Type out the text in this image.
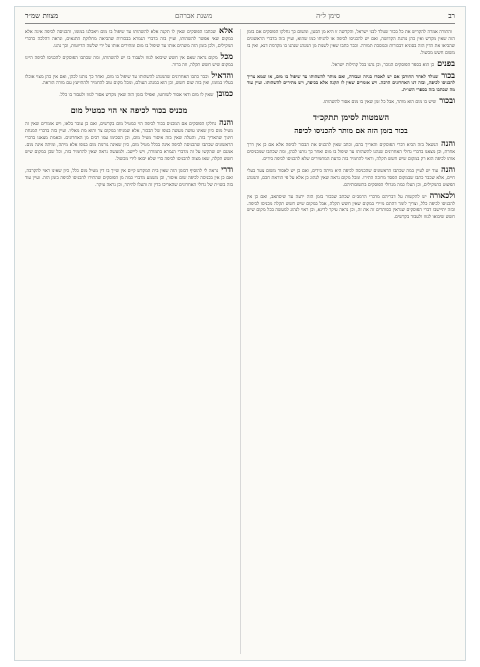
רב
סימן ל״ה
משנת אברהם
מצוות שמ״ד

והתורה אמרה להקדיש את כל בכור שנולד לבני ישראל, והקדשה זו היא מן הבטן, ומשום כך נחלקו הפוסקים אם בזמן הזה שאין מקדש ואין כהן נוהגת הקדושה, ואם יש להכניסו לכיפה או להניחו כמו שהוא, ועיין בזה בדברי הראשונים שהביאו את הדין הזה בסוגיא דבכורות ובמסכת תמורה. וכבר כתבו שאין לשנות מן המנהג שנהגו בו מקדמת דנא, ואין בו משום חשש מכשול.

בפניםכן הוא בספר הפוסקים הנזכר, וכן נהגו בכל קהילות ישראל.

בכורשנולד לאחר החורבן אם יש לאסרו בגיזה ועבודה, ואם מותר להשהותו עד שיפול בו מום, או שמא צריך להכניסו לכיפה, ובזה דנו האחרונים הרבה. ויש אומרים שאין לו תקנה אלא בכיפה, ויש מתירים להשהותו. ועיין עוד מה שכתבו בזה בספרי השו״ת.

ובכורשיש בו מום הוא מותר, אבל כל זמן שאין בו מום אסור להשהותו.

השמטות לסימן תתקכ״ד
בכור בזמן הזה אם מותר להכניסו לכיפה

והנההנשאל בזה הביא דברי הפוסקים והאריך בהם, וכתב שאין להכניס את הבכור לכיפה אלא אם כן אין דרך אחרת, וכן מצאנו בדברי גדולי האחרונים שנהגו להשהותו עד שיפול בו מום ואחר כך נותנו לכהן, ומה שכתבו שמכניסים אותו לכיפה הוא רק במקום שיש חשש תקלה, וראוי להחמיר בזה כדעת המחמירים שלא להכניסו לכיפה בידים.

והנהעוד יש לעיין במה שכתבו הראשונים שהכניסה לכיפה היא מיתה בידים, ואם כן יש לאסור משום צער בעלי חיים, אלא שכבר כתבו שבמקום הפסד מרובה התירו. ומכל מקום נראה שאין לנהוג כן אלא על פי הוראת חכם, והמנהג הפשוט כהמקילים, וכן העלו כמה מגדולי הפוסקים בתשובותיהם.

ולכאורהיש להקשות על דבריהם מדברי הרמב״ם שכתב שבכור בזמן הזה ירעה עד שיסתאב, ואם כן אין להכניסו לכיפה כלל, וצריך לומר דהתם מיירי במקום שאין חשש תקלה, אבל במקום שיש חשש תקלה מכניסו לכיפה. ובזה יתיישבו דברי הפוסקים שנראין כסותרים זה את זה, וכן נראה עיקר לדינא, וכן ראוי לנהוג למעשה בכל מקום שיש חשש שיבואו לגזוז ולעבוד בקדשים.

אלאשכתבו הפוסקים שאין לו תקנה אלא להשהותו עד שיפול בו מום ויאכלנו במומו, והכניסה לכיפה אינה אלא במקום שאי אפשר להשהותו, ועיין בזה בדברי הגמרא בבכורות שהביאה מחלוקת התנאים, ונראה דהלכה כדברי המקילים, ולכן בזמן הזה משהים אותו עד שיפול בו מום ומתירים אותו על ידי שלשה הדיוטות, וכך נהגו.

מכלמקום נראה שאם אין חשש שיבואו לגזוז ולעבוד בו יש להשהותו, ומה שכתבו הפוסקים להכניסו לכיפה היינו במקום שיש חשש תקלה, וזה ברור.

והדאילוכבר כתבו האחרונים שהמנהג להשהותו עד שיפול בו מום, ואחר כך נותנו לכהן, ואם אין כהן מצוי אוכלו בעליו במומו, ואין בזה שום חשש, וכן הוא במנהג העולם, ומכל מקום טוב להחמיר ולהתייעץ עם מורה הוראה.

כמובןשאין לו מום ודאי אסור לשוחטו, ואפילו בזמן הזה שאין מקדש אסור לגזוז ולעבוד בו כלל.

מכניס בכור לכיפה אי הוי כמטיל מום

והנהנחלקו הפוסקים אם המכניס בכור לכיפה הוי כמטיל מום בקדשים, ואם כן עובר בלאו, ויש אומרים שאין זה מטיל מום כיון שאינו עושה מעשה בגופו של הבכור, אלא שמניחו במקום צר והוא מת מאליו. ועיין בזה בדברי המנחת חינוך שהאריך בזה, והעלה שאין בזה איסור מטיל מום, וכן הסכימו עמו רבים מן האחרונים. ובאמת מצאנו בדברי הראשונים שכתבו שהכניסה לכיפה אינה בכלל מטיל מום, כיון שאינה גורמת מום בגופו אלא מיתה, ומיתה אינה מום. אמנם יש שהקשו על זה מדברי הגמרא בתמורה, ויש ליישב. ולמעשה נראה שאין להחמיר בזה, וכל שכן במקום שיש חשש תקלה, שאז מצוה להכניסו לכיפה כדי שלא יבואו לידי מכשול.

ודרינראה לי להוסיף דבזמן הזה שאין בית המקדש קיים אין שייך בו דין מטיל מום כלל, כיון שאינו ראוי להקרבה, ואם כן אין בכניסה לכיפה שום איסור, וכן משמע מדברי כמה מן הפוסקים שהתירו להכניסו לכיפה בזמן הזה. ועיין עוד בזה בשו״ת של גדולי האחרונים שהאריכו בדין זה והעלו להיתר, וכן נראה עיקר.
